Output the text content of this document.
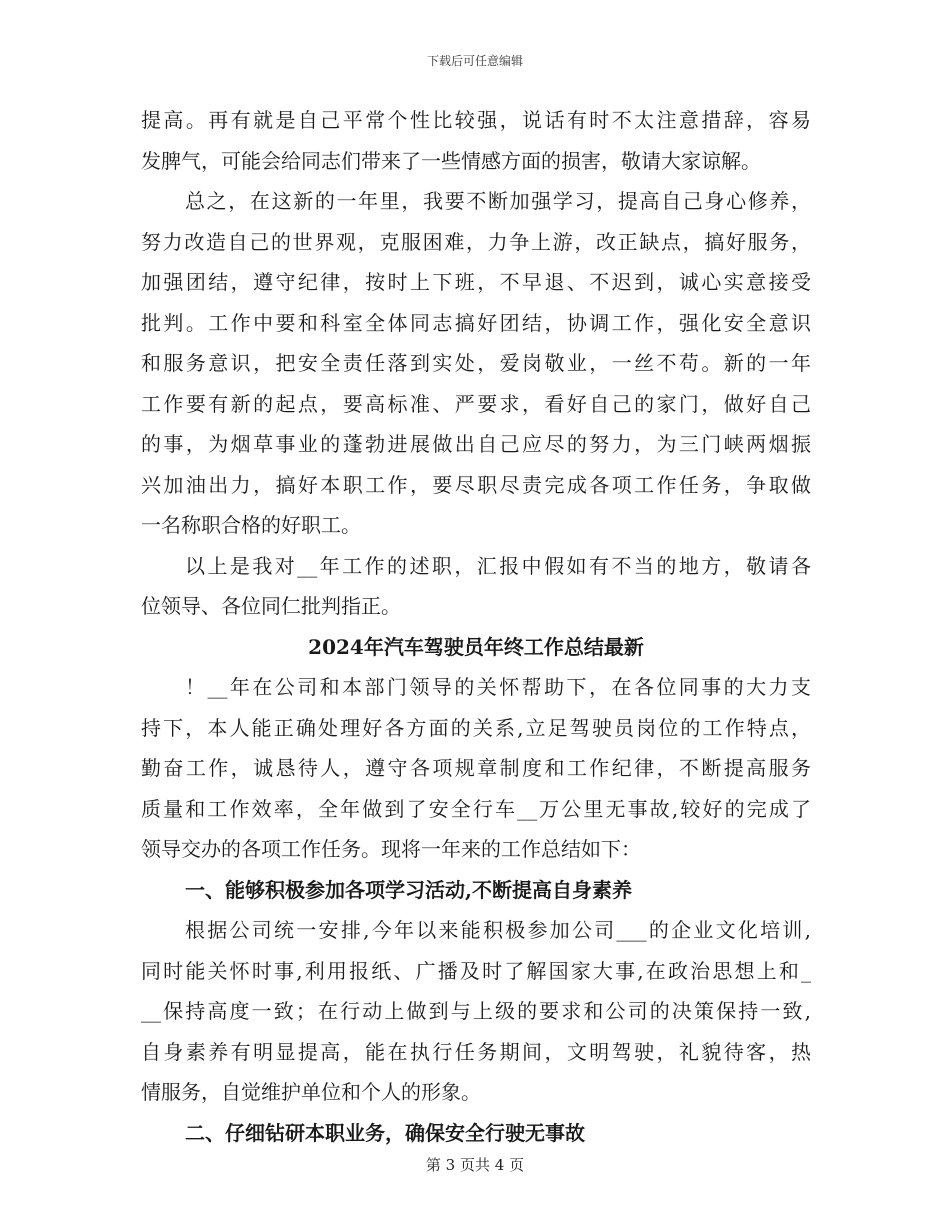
下载后可任意编辑
提高。再有就是自己平常个性比较强，说话有时不太注意措辞，容易
发脾气，可能会给同志们带来了一些情感方面的损害，敬请大家谅解。
总之，在这新的一年里，我要不断加强学习，提高自己身心修养，
努力改造自己的世界观，克服困难，力争上游，改正缺点，搞好服务，
加强团结，遵守纪律，按时上下班，不早退、不迟到，诚心实意接受
批判。工作中要和科室全体同志搞好团结，协调工作，强化安全意识
和服务意识，把安全责任落到实处，爱岗敬业，一丝不苟。新的一年
工作要有新的起点，要高标准、严要求，看好自己的家门，做好自己
的事，为烟草事业的蓬勃进展做出自己应尽的努力，为三门峡两烟振
兴加油出力，搞好本职工作，要尽职尽责完成各项工作任务，争取做
一名称职合格的好职工。
以上是我对__年工作的述职，汇报中假如有不当的地方，敬请各
位领导、各位同仁批判指正。
2024年汽车驾驶员年终工作总结最新
！__年在公司和本部门领导的关怀帮助下，在各位同事的大力支
持下，本人能正确处理好各方面的关系,立足驾驶员岗位的工作特点，
勤奋工作，诚恳待人，遵守各项规章制度和工作纪律，不断提高服务
质量和工作效率，全年做到了安全行车__万公里无事故,较好的完成了
领导交办的各项工作任务。现将一年来的工作总结如下：
一、能够积极参加各项学习活动,不断提高自身素养
根据公司统一安排,今年以来能积极参加公司___的企业文化培训,
同时能关怀时事,利用报纸、广播及时了解国家大事,在政治思想上和_
__保持高度一致；在行动上做到与上级的要求和公司的决策保持一致,
自身素养有明显提高，能在执行任务期间，文明驾驶，礼貌待客，热
情服务，自觉维护单位和个人的形象。
二、仔细钻研本职业务，确保安全行驶无事故
第 3 页共 4 页
